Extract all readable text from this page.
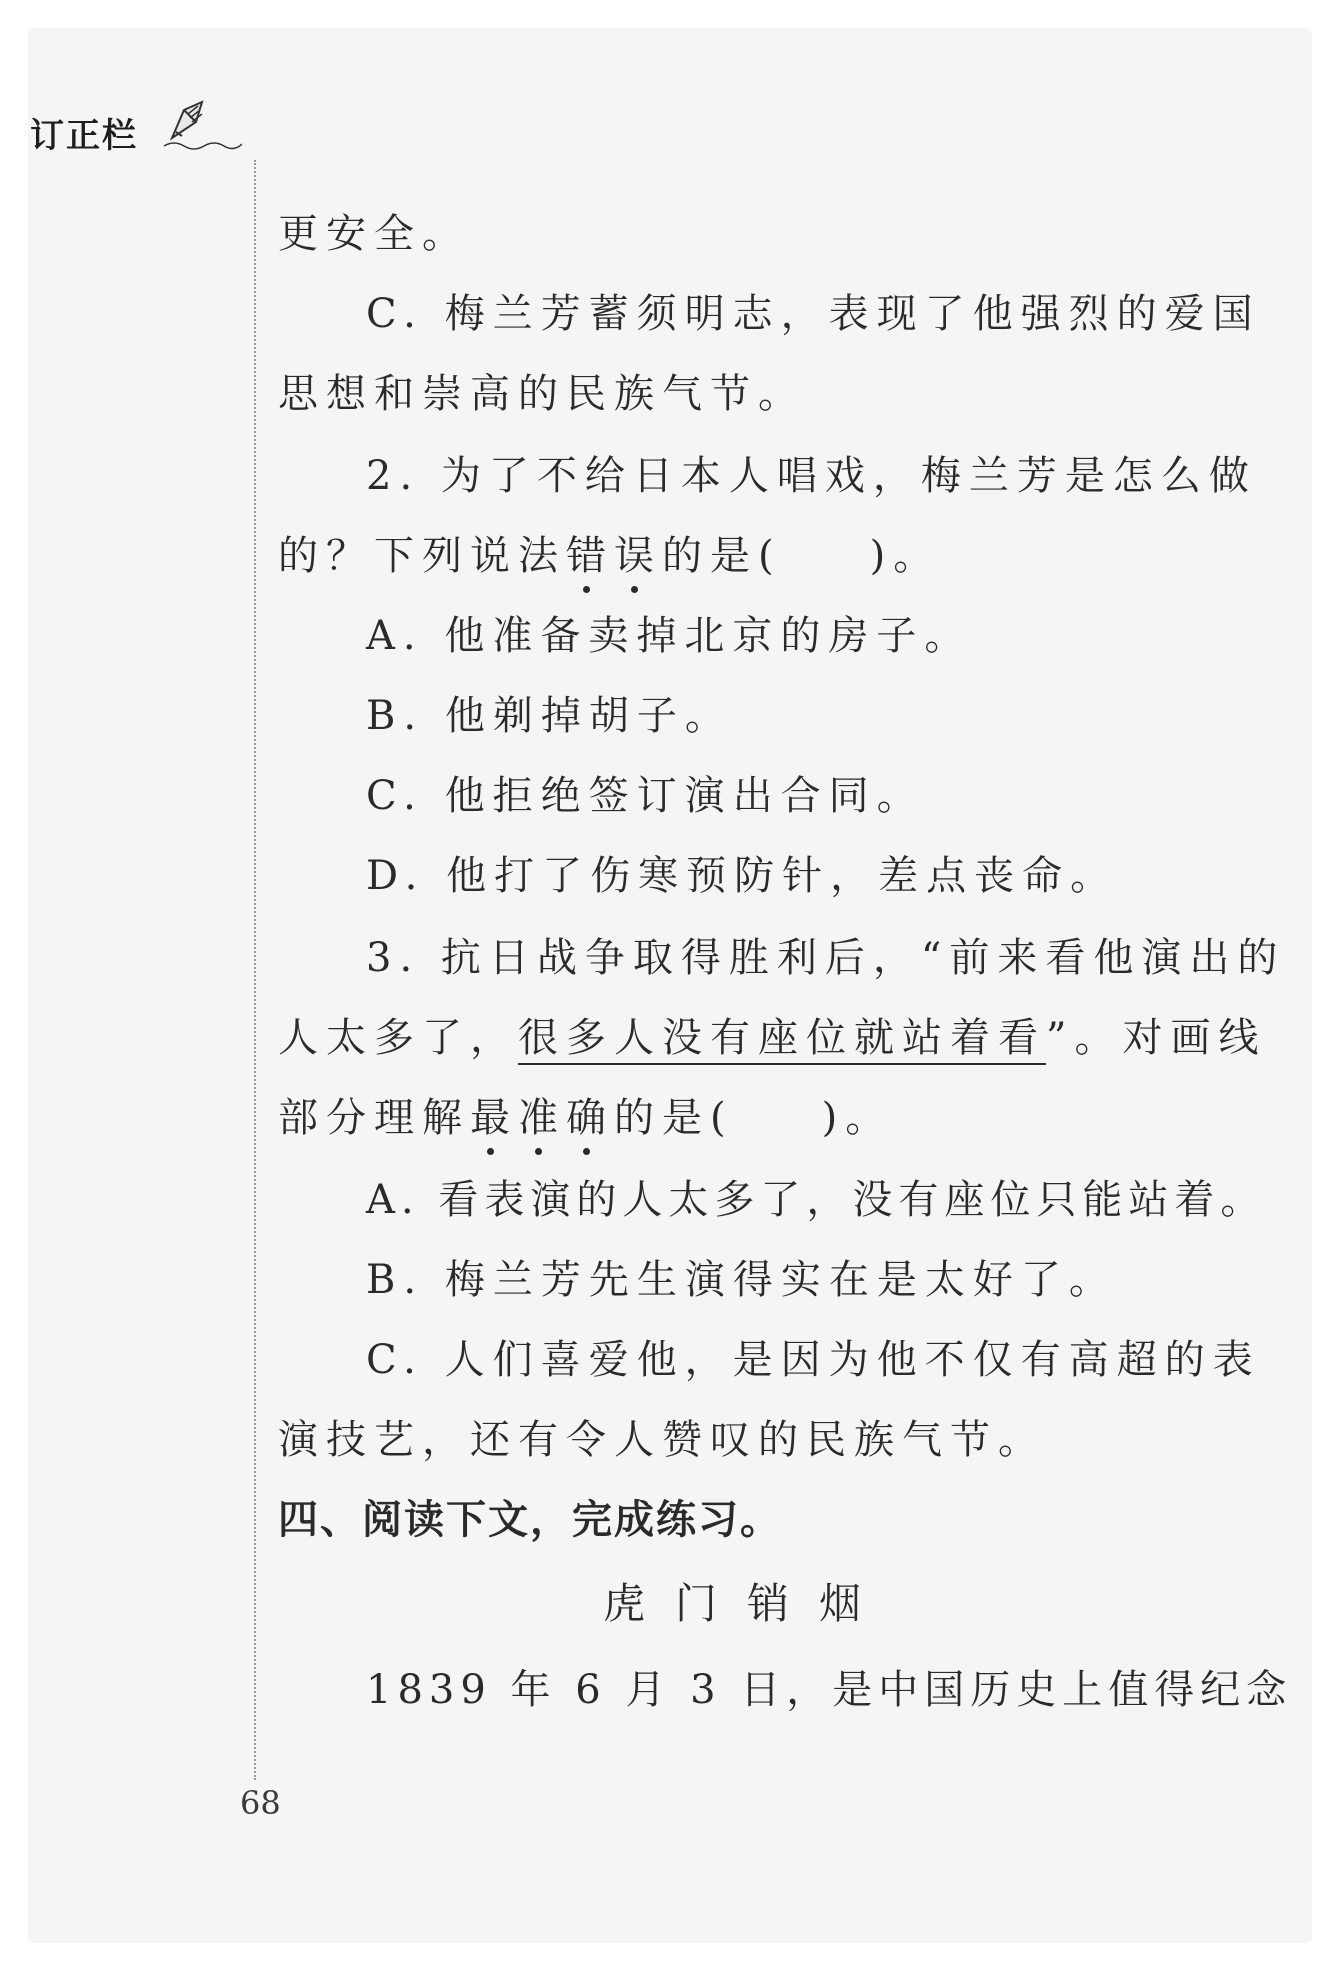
订正栏
更安全。
C. 梅兰芳蓄须明志，表现了他强烈的爱国
思想和崇高的民族气节。
2. 为了不给日本人唱戏，梅兰芳是怎么做
的？下列说法错误的是( )。
A. 他准备卖掉北京的房子。
B. 他剃掉胡子。
C. 他拒绝签订演出合同。
D. 他打了伤寒预防针，差点丧命。
3. 抗日战争取得胜利后，“前来看他演出的
人太多了，很多人没有座位就站着看”。对画线
部分理解最准确的是( )。
A. 看表演的人太多了，没有座位只能站着。
B. 梅兰芳先生演得实在是太好了。
C. 人们喜爱他，是因为他不仅有高超的表
演技艺，还有令人赞叹的民族气节。
四、阅读下文，完成练习。
虎门销烟
1839 年 6 月 3 日，是中国历史上值得纪念
68
